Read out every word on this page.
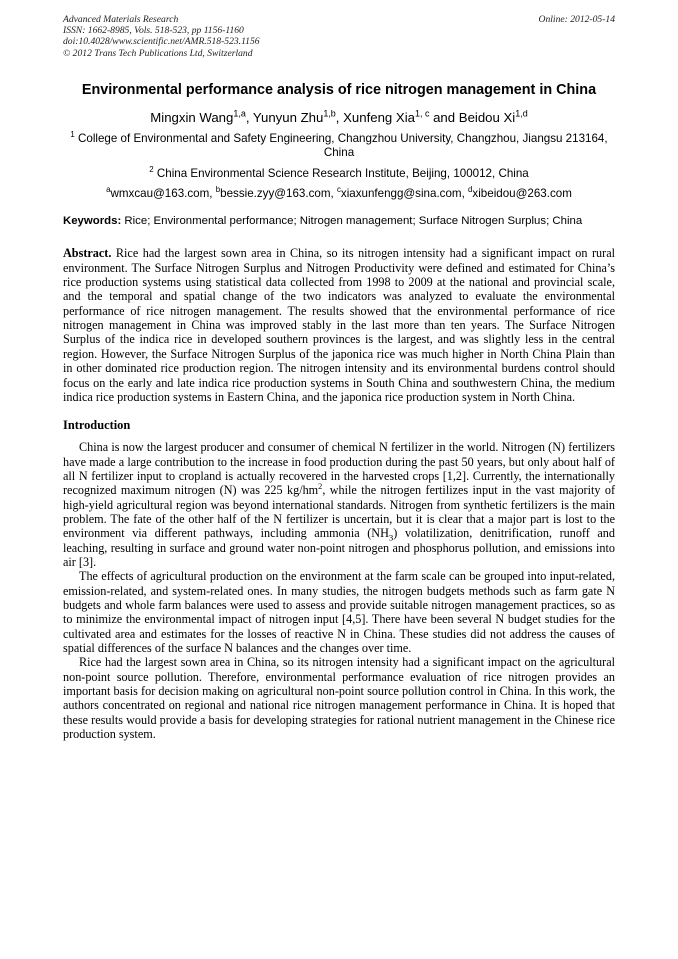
Advanced Materials Research
ISSN: 1662-8985, Vols. 518-523, pp 1156-1160
doi:10.4028/www.scientific.net/AMR.518-523.1156
© 2012 Trans Tech Publications Ltd, Switzerland
Online: 2012-05-14
Environmental performance analysis of rice nitrogen management in China
Mingxin Wang$^{1,a}$, Yunyun Zhu$^{1,b}$, Xunfeng Xia$^{1, c}$ and Beidou Xi$^{1,d}$
$^1$ College of Environmental and Safety Engineering, Changzhou University, Changzhou, Jiangsu 213164, China
$^2$ China Environmental Science Research Institute, Beijing, 100012, China
$^a$wmxcau@163.com, $^b$bessie.zyy@163.com, $^c$xiaxunfengg@sina.com, $^d$xibeidou@263.com
Keywords: Rice; Environmental performance; Nitrogen management; Surface Nitrogen Surplus; China
Abstract. Rice had the largest sown area in China, so its nitrogen intensity had a significant impact on rural environment. The Surface Nitrogen Surplus and Nitrogen Productivity were defined and estimated for China’s rice production systems using statistical data collected from 1998 to 2009 at the national and provincial scale, and the temporal and spatial change of the two indicators was analyzed to evaluate the environmental performance of rice nitrogen management. The results showed that the environmental performance of rice nitrogen management in China was improved stably in the last more than ten years. The Surface Nitrogen Surplus of the indica rice in developed southern provinces is the largest, and was slightly less in the central region. However, the Surface Nitrogen Surplus of the japonica rice was much higher in North China Plain than in other dominated rice production region. The nitrogen intensity and its environmental burdens control should focus on the early and late indica rice production systems in South China and southwestern China, the medium indica rice production systems in Eastern China, and the japonica rice production system in North China.
Introduction

China is now the largest producer and consumer of chemical N fertilizer in the world. Nitrogen (N) fertilizers have made a large contribution to the increase in food production during the past 50 years, but only about half of all N fertilizer input to cropland is actually recovered in the harvested crops [1,2]. Currently, the internationally recognized maximum nitrogen (N) was 225 $kg/hm^2$, while the nitrogen fertilizes input in the vast majority of high-yield agricultural region was beyond international standards. Nitrogen from synthetic fertilizers is the main problem. The fate of the other half of the N fertilizer is uncertain, but it is clear that a major part is lost to the environment via different pathways, including ammonia $(NH_3)$ volatilization, denitrification, runoff and leaching, resulting in surface and ground water non-point nitrogen and phosphorus pollution, and emissions into air [3].

The effects of agricultural production on the environment at the farm scale can be grouped into input-related, emission-related, and system-related ones. In many studies, the nitrogen budgets methods such as farm gate N budgets and whole farm balances were used to assess and provide suitable nitrogen management practices, so as to minimize the environmental impact of nitrogen input [4,5]. There have been several N budget studies for the cultivated area and estimates for the losses of reactive N in China. These studies did not address the causes of spatial differences of the surface N balances and the changes over time.

Rice had the largest sown area in China, so its nitrogen intensity had a significant impact on the agricultural non-point source pollution. Therefore, environmental performance evaluation of rice nitrogen provides an important basis for decision making on agricultural non-point source pollution control in China. In this work, the authors concentrated on regional and national rice nitrogen management performance in China. It is hoped that these results would provide a basis for developing strategies for rational nutrient management in the Chinese rice production system.
